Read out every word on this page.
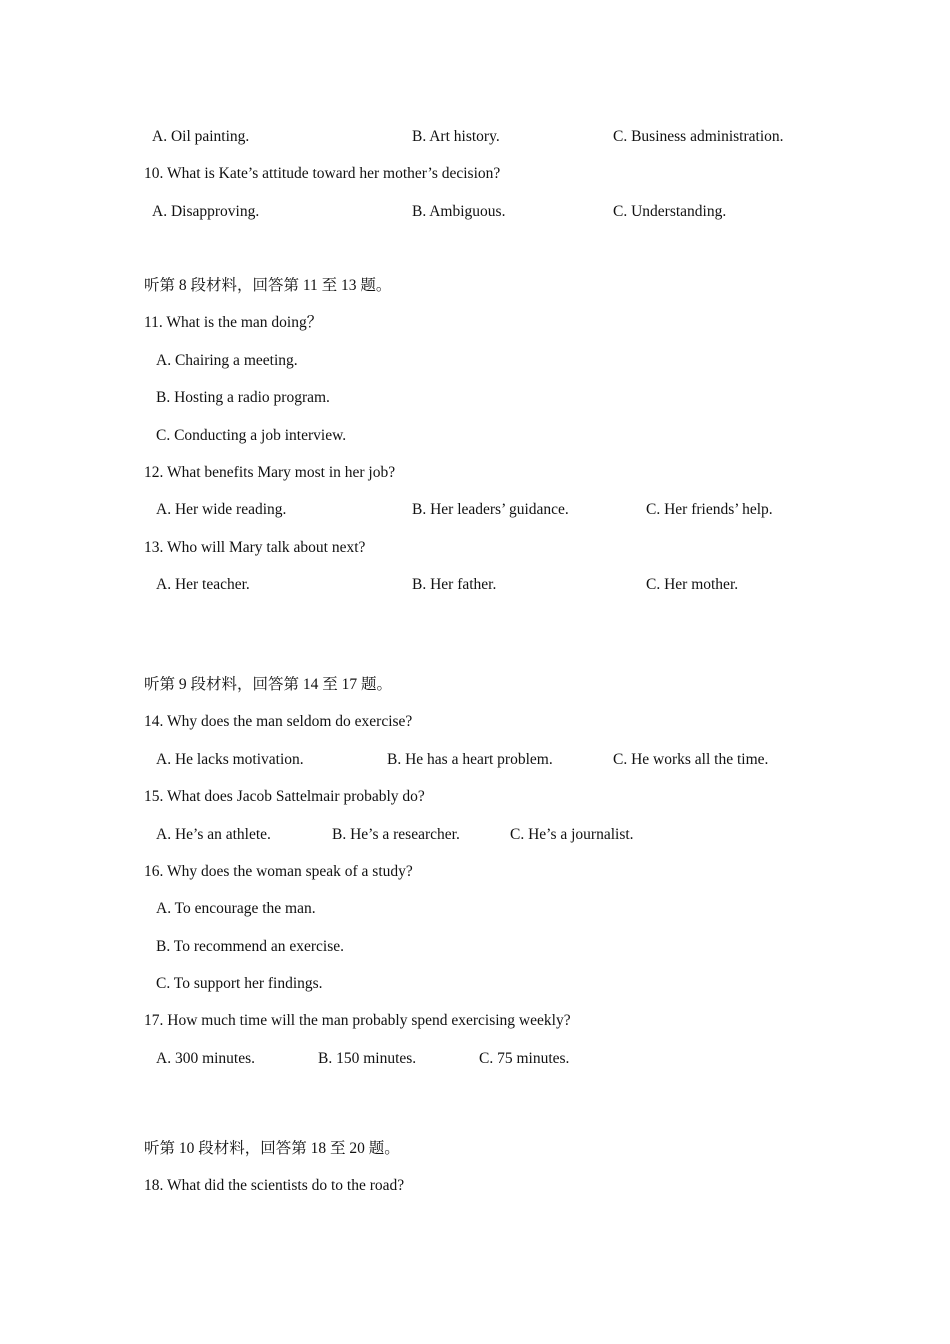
A. Oil painting.	B. Art history.	C. Business administration.
10. What is Kate’s attitude toward her mother’s decision?
A. Disapproving.	B. Ambiguous.	C. Understanding.
听第 8 段材料，回答第 11 至 13 题。
11. What is the man doing？
A. Chairing a meeting.
B. Hosting a radio program.
C. Conducting a job interview.
12. What benefits Mary most in her job?
A. Her wide reading.	B. Her leaders’ guidance.	C. Her friends’ help.
13. Who will Mary talk about next?
A. Her teacher.	B. Her father.	C. Her mother.
听第 9 段材料，回答第 14 至 17 题。
14. Why does the man seldom do exercise?
A. He lacks motivation.	B. He has a heart problem.	C. He works all the time.
15. What does Jacob Sattelmair probably do?
A. He’s an athlete.	B. He’s a researcher.	C. He’s a journalist.
16. Why does the woman speak of a study?
A. To encourage the man.
B. To recommend an exercise.
C. To support her findings.
17. How much time will the man probably spend exercising weekly?
A. 300 minutes.	B. 150 minutes.	C. 75 minutes.
听第 10 段材料，回答第 18 至 20 题。
18. What did the scientists do to the road?
